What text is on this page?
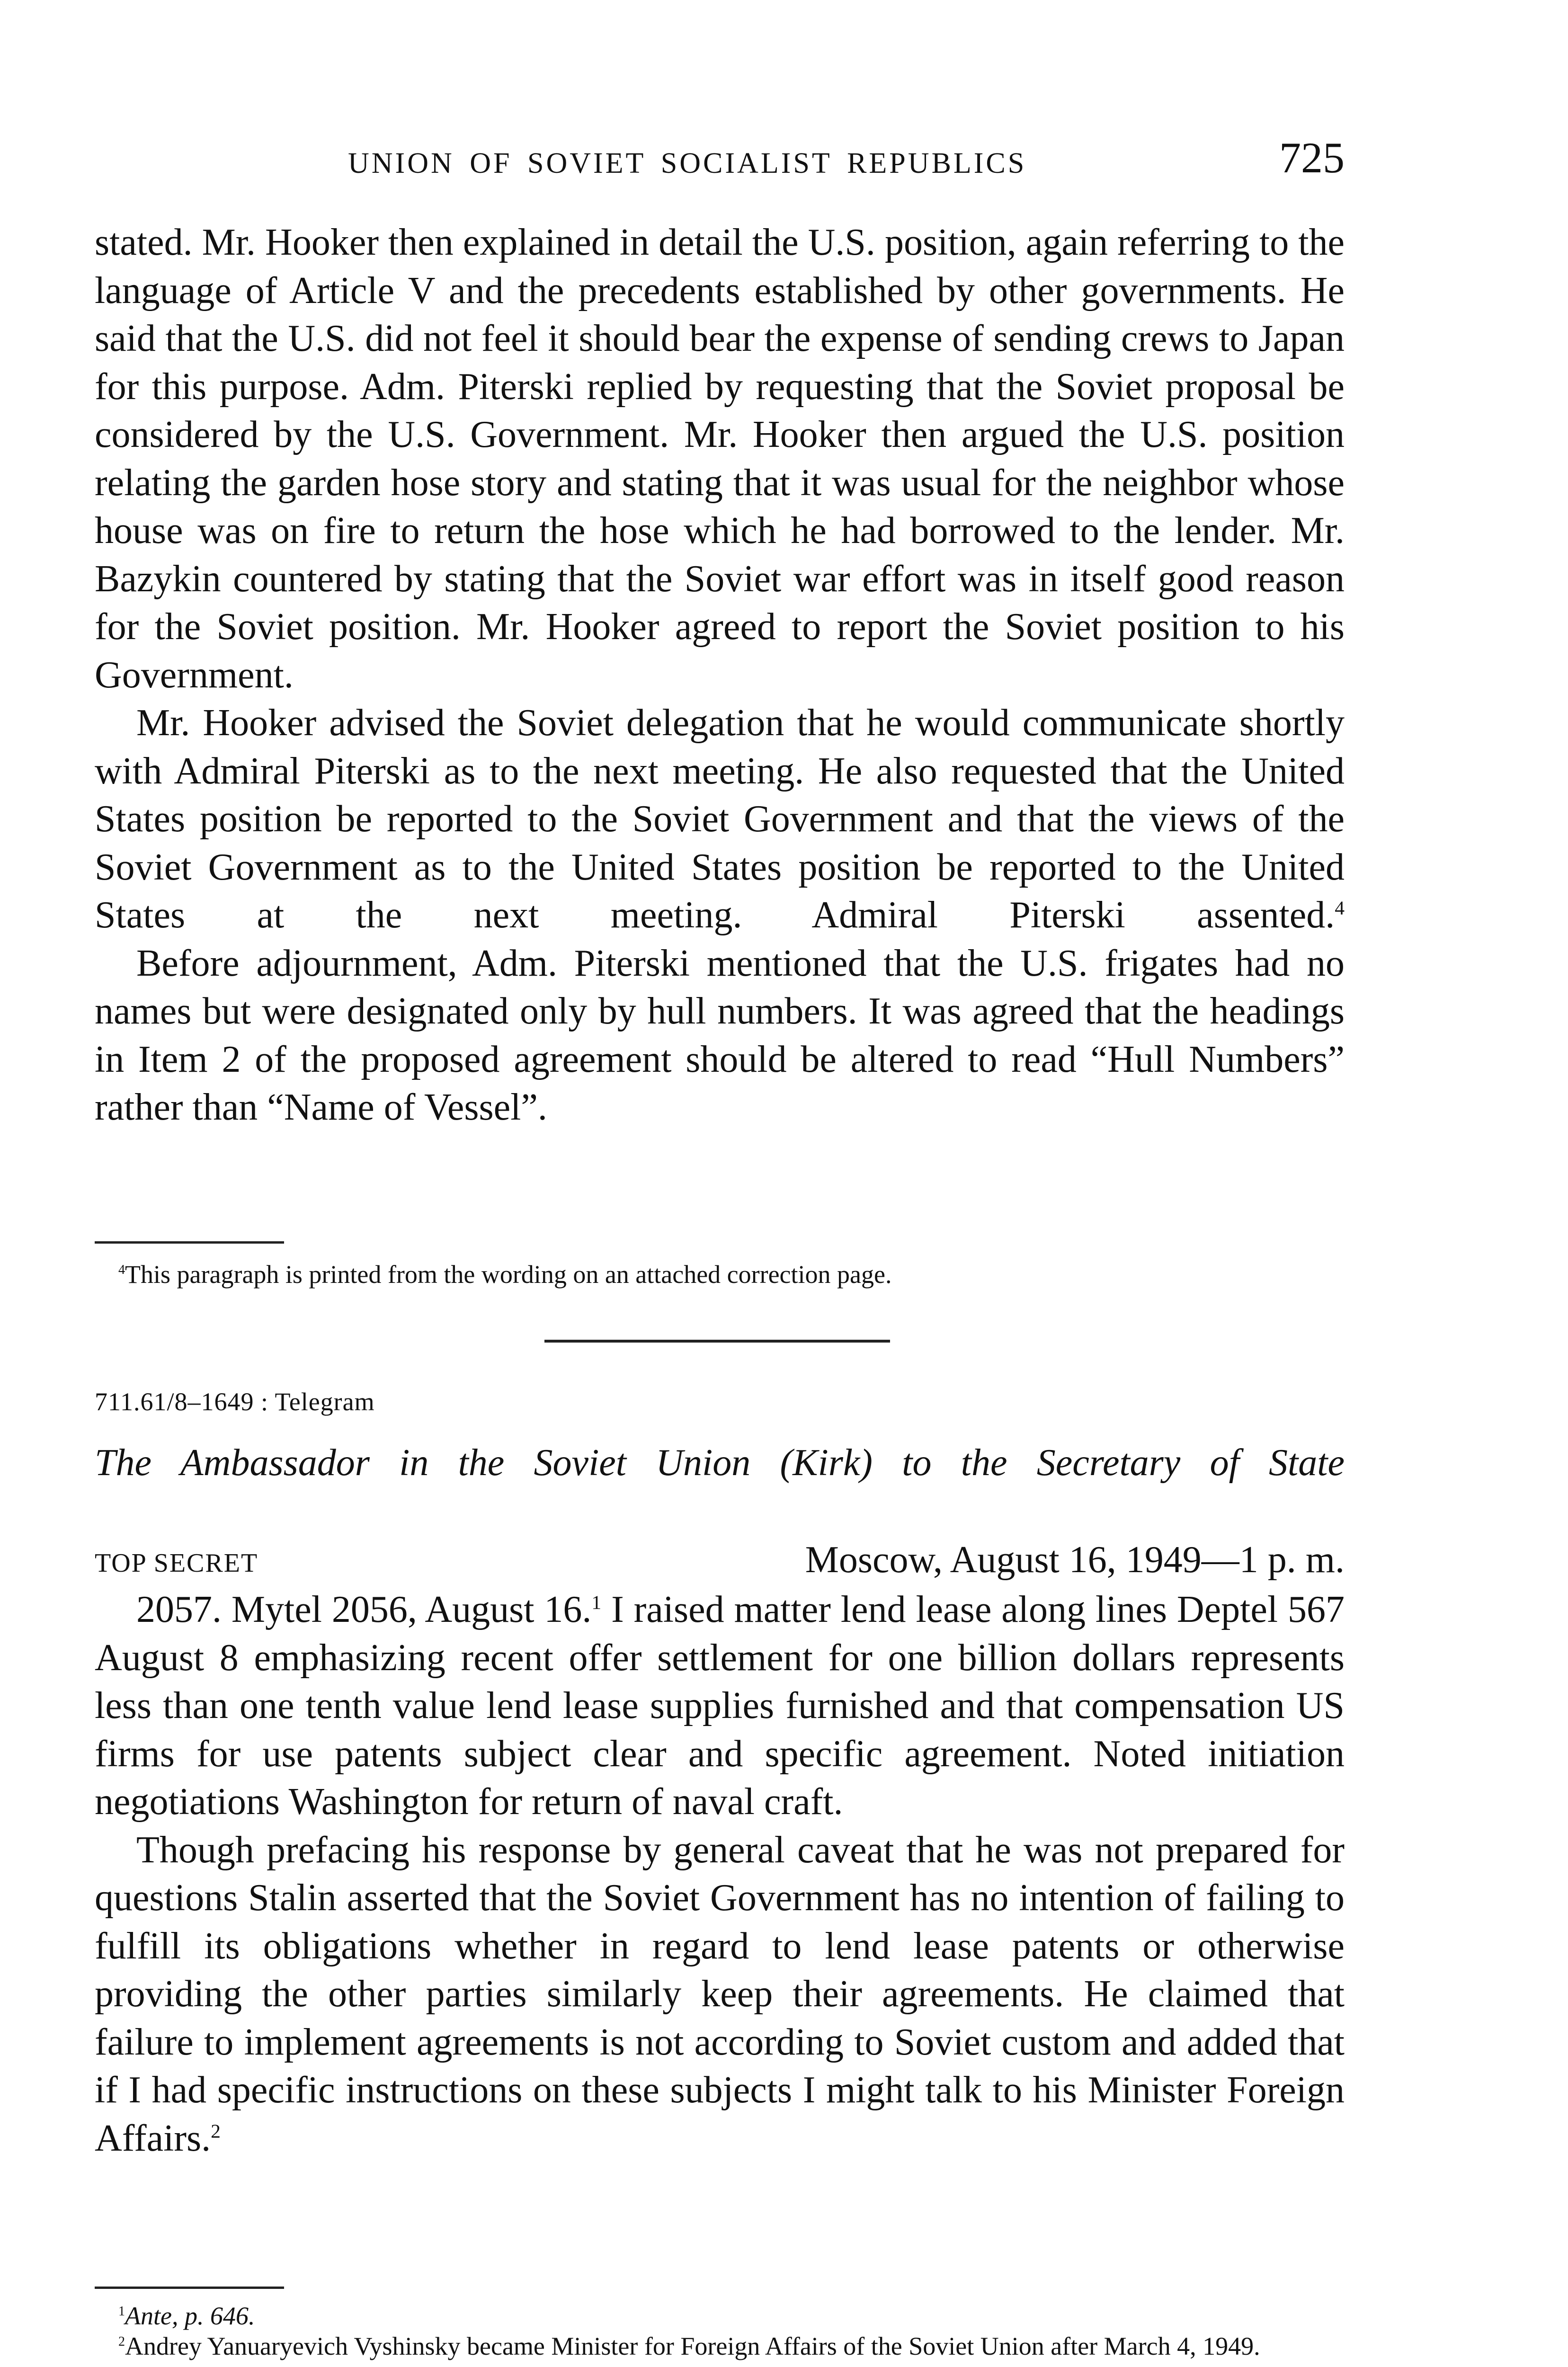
UNION OF SOVIET SOCIALIST REPUBLICS	725

stated. Mr. Hooker then explained in detail the U.S. position, again referring to the language of Article V and the precedents established by other governments. He said that the U.S. did not feel it should bear the expense of sending crews to Japan for this purpose. Adm. Piterski replied by requesting that the Soviet proposal be considered by the U.S. Government. Mr. Hooker then argued the U.S. position relating the garden hose story and stating that it was usual for the neighbor whose house was on fire to return the hose which he had borrowed to the lender. Mr. Bazykin countered by stating that the Soviet war effort was in itself good reason for the Soviet position. Mr. Hooker agreed to report the Soviet position to his Government.

Mr. Hooker advised the Soviet delegation that he would communicate shortly with Admiral Piterski as to the next meeting. He also requested that the United States position be reported to the Soviet Government and that the views of the Soviet Government as to the United States position be reported to the United States at the next meeting. Admiral Piterski assented.$^4$

Before adjournment, Adm. Piterski mentioned that the U.S. frigates had no names but were designated only by hull numbers. It was agreed that the headings in Item 2 of the proposed agreement should be altered to read “Hull Numbers” rather than “Name of Vessel”.

$^4$This paragraph is printed from the wording on an attached correction page.

711.61/8–1649 : Telegram
The Ambassador in the Soviet Union (Kirk) to the Secretary of State
TOP SECRET	Moscow, August 16, 1949—1 p. m.

2057. Mytel 2056, August 16.$^1$ I raised matter lend lease along lines Deptel 567 August 8 emphasizing recent offer settlement for one billion dollars represents less than one tenth value lend lease supplies furnished and that compensation US firms for use patents subject clear and specific agreement. Noted initiation negotiations Washington for return of naval craft.

Though prefacing his response by general caveat that he was not prepared for questions Stalin asserted that the Soviet Government has no intention of failing to fulfill its obligations whether in regard to lend lease patents or otherwise providing the other parties similarly keep their agreements. He claimed that failure to implement agreements is not according to Soviet custom and added that if I had specific instructions on these subjects I might talk to his Minister Foreign Affairs.$^2$

$^1$Ante, p. 646.

$^2$Andrey Yanuaryevich Vyshinsky became Minister for Foreign Affairs of the Soviet Union after March 4, 1949.
